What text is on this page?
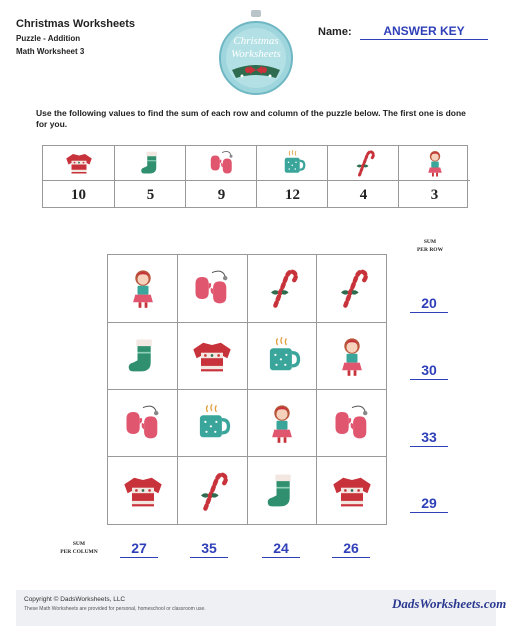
Christmas Worksheets
Puzzle - Addition
Math Worksheet 3
Christmas
Worksheets
Name:	ANSWER KEY
Use the following values to find the sum of each row and column of the puzzle below. The first one is done for you.
10	5	9	12	4	3
SUM
PER ROW
SUM
PER COLUMN
20
30
33
29
27	35	24	26
Copyright © DadsWorksheets, LLC
These Math Worksheets are provided for personal, homeschool or classroom use.	DadsWorksheets.com
